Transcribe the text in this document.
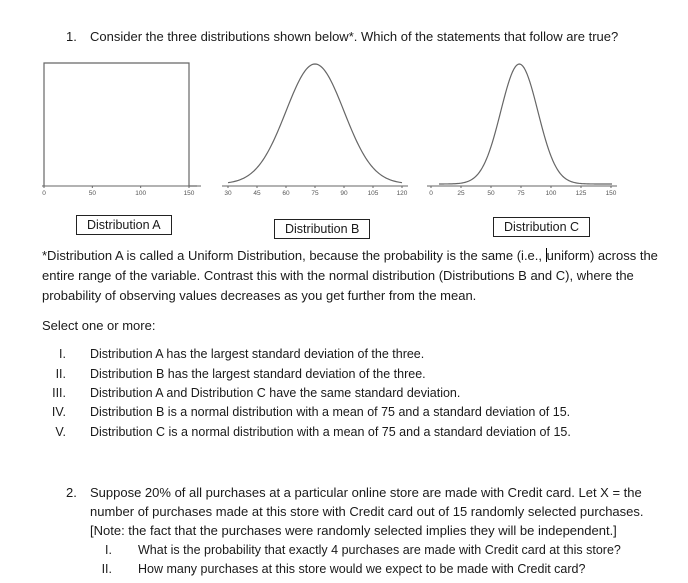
1. Consider the three distributions shown below*. Which of the statements that follow are true?
0	50	100	150	30	45	60	75	90	105	120	0	25	50	75	100	125	150
Distribution A	Distribution B	Distribution C
*Distribution A is called a Uniform Distribution, because the probability is the same (i.e., uniform) across the entire range of the variable. Contrast this with the normal distribution (Distributions B and C), where the probability of observing values decreases as you get further from the mean.
Select one or more:
I. Distribution A has the largest standard deviation of the three.
II. Distribution B has the largest standard deviation of the three.
III. Distribution A and Distribution C have the same standard deviation.
IV. Distribution B is a normal distribution with a mean of 75 and a standard deviation of 15.
V. Distribution C is a normal distribution with a mean of 75 and a standard deviation of 15.
2. Suppose 20% of all purchases at a particular online store are made with Credit card. Let X = the
number of purchases made at this store with Credit card out of 15 randomly selected purchases.
[Note: the fact that the purchases were randomly selected implies they will be independent.]
I. What is the probability that exactly 4 purchases are made with Credit card at this store?
II. How many purchases at this store would we expect to be made with Credit card?
